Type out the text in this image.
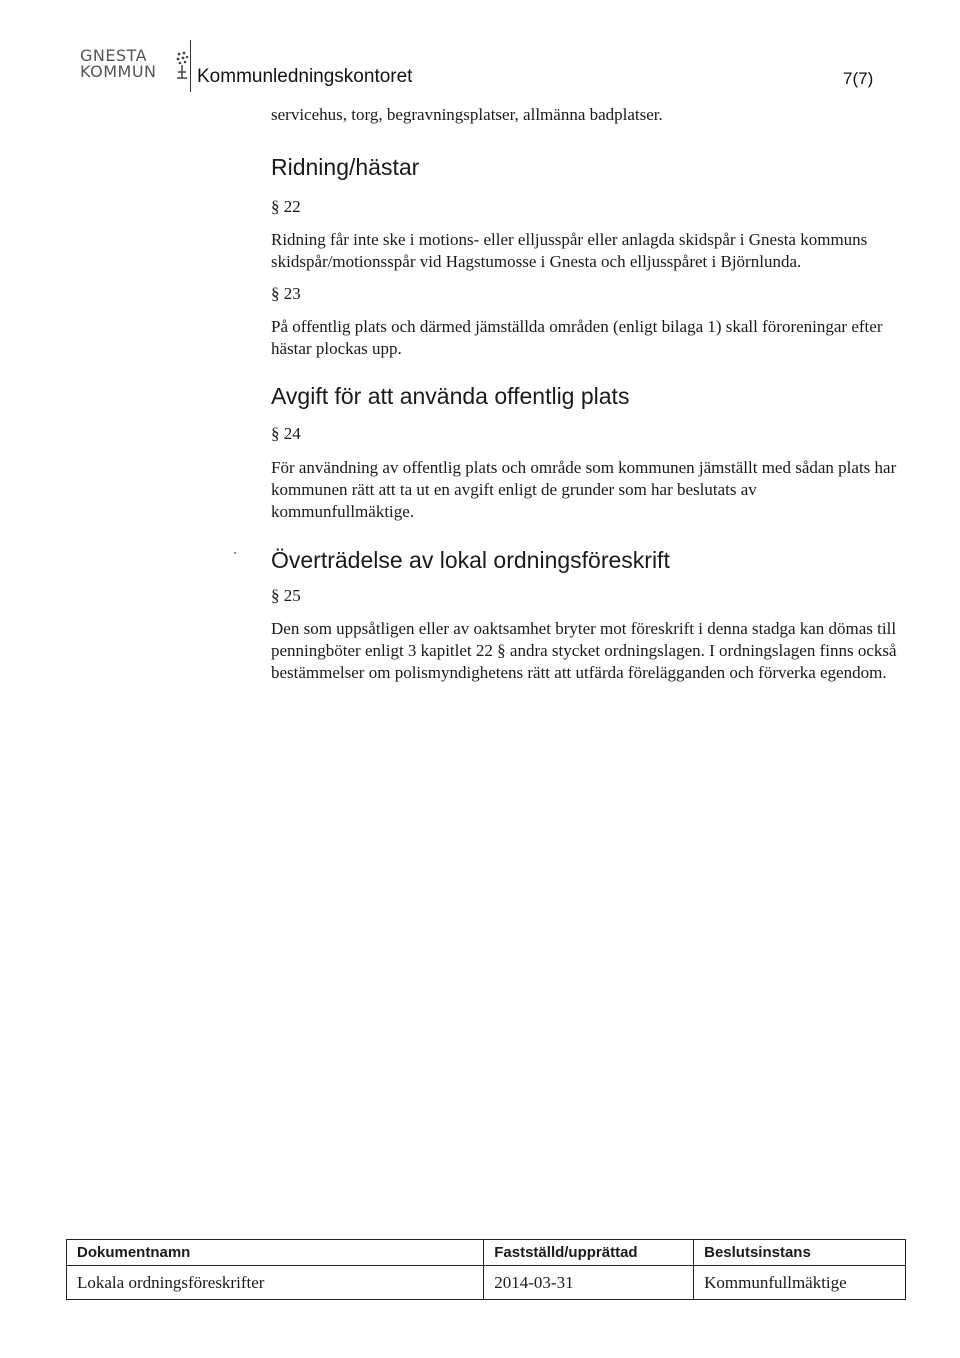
GNESTA
KOMMUN Kommunledningskontoret	7(7)

servicehus, torg, begravningsplatser, allmänna badplatser.

Ridning/hästar

§ 22

Ridning får inte ske i motions- eller elljusspår eller anlagda skidspår i Gnesta kommuns skidspår/motionsspår vid Hagstumosse i Gnesta och elljusspåret i Björnlunda.

§ 23

På offentlig plats och därmed jämställda områden (enligt bilaga 1) skall föroreningar efter hästar plockas upp.

Avgift för att använda offentlig plats

§ 24

För användning av offentlig plats och område som kommunen jämställt med sådan plats har kommunen rätt att ta ut en avgift enligt de grunder som har beslutats av kommunfullmäktige.

Överträdelse av lokal ordningsföreskrift

§ 25

Den som uppsåtligen eller av oaktsamhet bryter mot föreskrift i denna stadga kan dömas till penningböter enligt 3 kapitlet 22 § andra stycket ordningslagen. I ordningslagen finns också bestämmelser om polismyndighetens rätt att utfärda förelägganden och förverka egendom.

Dokumentnamn	Fastställd/upprättad	Beslutsinstans
Lokala ordningsföreskrifter	2014-03-31	Kommunfullmäktige
